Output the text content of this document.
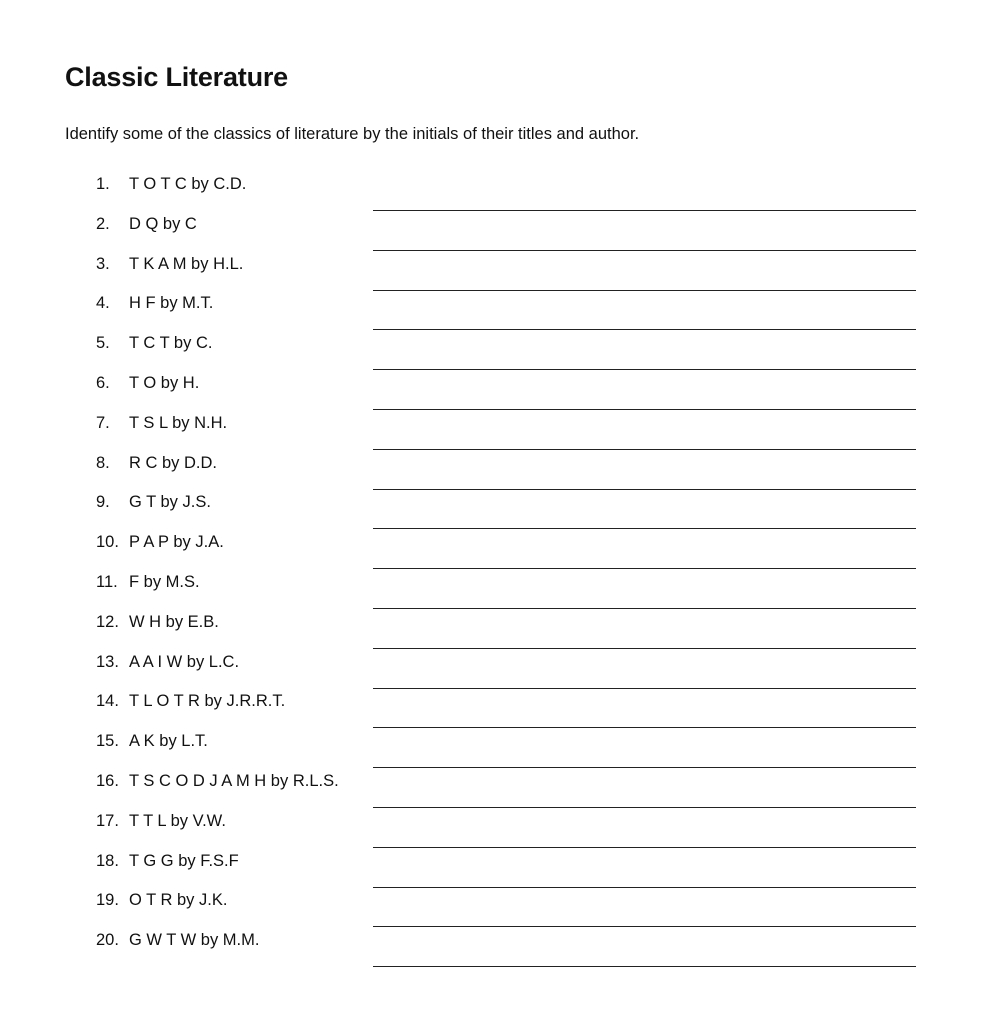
Classic Literature

Identify some of the classics of literature by the initials of their titles and author.

1. T O T C by C.D.
2. D Q by C
3. T K A M by H.L.
4. H F by M.T.
5. T C T by C.
6. T O by H.
7. T S L by N.H.
8. R C by D.D.
9. G T by J.S.
10. P A P by J.A.
11. F by M.S.
12. W H by E.B.
13. A A I W by L.C.
14. T L O T R by J.R.R.T.
15. A K by L.T.
16. T S C O D J A M H by R.L.S.
17. T T L by V.W.
18. T G G by F.S.F
19. O T R by J.K.
20. G W T W by M.M.
